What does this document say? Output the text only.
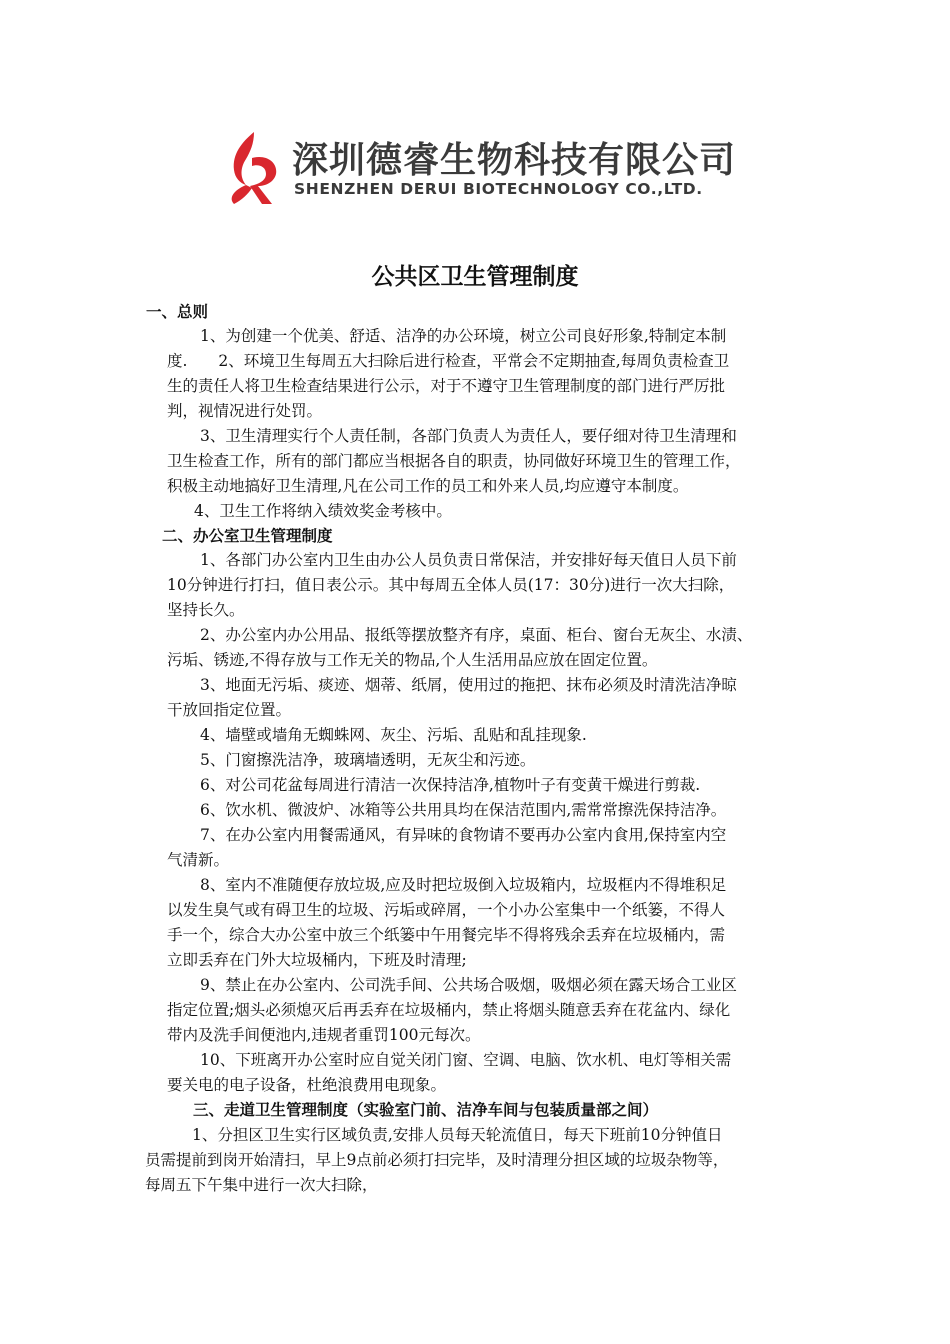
深圳德睿生物科技有限公司
SHENZHEN DERUI BIOTECHNOLOGY CO.,LTD.
公共区卫生管理制度
一、总则
1、为创建一个优美、舒适、洁净的办公环境，树立公司良好形象,特制定本制
度.　　2、环境卫生每周五大扫除后进行检查，平常会不定期抽查,每周负责检查卫
生的责任人将卫生检查结果进行公示，对于不遵守卫生管理制度的部门进行严厉批
判，视情况进行处罚。
3、卫生清理实行个人责任制，各部门负责人为责任人，要仔细对待卫生清理和
卫生检查工作，所有的部门都应当根据各自的职责，协同做好环境卫生的管理工作，
积极主动地搞好卫生清理,凡在公司工作的员工和外来人员,均应遵守本制度。
4、卫生工作将纳入绩效奖金考核中。
二、办公室卫生管理制度
1、各部门办公室内卫生由办公人员负责日常保洁，并安排好每天值日人员下前
10分钟进行打扫，值日表公示。其中每周五全体人员(17：30分)进行一次大扫除，
坚持长久。
2、办公室内办公用品、报纸等摆放整齐有序，桌面、柜台、窗台无灰尘、水渍、
污垢、锈迹,不得存放与工作无关的物品,个人生活用品应放在固定位置。
3、地面无污垢、痰迹、烟蒂、纸屑，使用过的拖把、抹布必须及时清洗洁净晾
干放回指定位置。
4、墙壁或墙角无蜘蛛网、灰尘、污垢、乱贴和乱挂现象.
5、门窗擦洗洁净，玻璃墙透明，无灰尘和污迹。
6、对公司花盆每周进行清洁一次保持洁净,植物叶子有变黄干燥进行剪裁.
6、饮水机、微波炉、冰箱等公共用具均在保洁范围内,需常常擦洗保持洁净。
7、在办公室内用餐需通风，有异味的食物请不要再办公室内食用,保持室内空
气清新。
8、室内不准随便存放垃圾,应及时把垃圾倒入垃圾箱内，垃圾框内不得堆积足
以发生臭气或有碍卫生的垃圾、污垢或碎屑，一个小办公室集中一个纸篓，不得人
手一个，综合大办公室中放三个纸篓中午用餐完毕不得将残余丢弃在垃圾桶内，需
立即丢弃在门外大垃圾桶内，下班及时清理;
9、禁止在办公室内、公司洗手间、公共场合吸烟，吸烟必须在露天场合工业区
指定位置;烟头必须熄灭后再丢弃在垃圾桶内，禁止将烟头随意丢弃在花盆内、绿化
带内及洗手间便池内,违规者重罚100元每次。
10、下班离开办公室时应自觉关闭门窗、空调、电脑、饮水机、电灯等相关需
要关电的电子设备，杜绝浪费用电现象。
三、走道卫生管理制度（实验室门前、洁净车间与包装质量部之间）
1、分担区卫生实行区域负责,安排人员每天轮流值日，每天下班前10分钟值日
员需提前到岗开始清扫，早上9点前必须打扫完毕，及时清理分担区域的垃圾杂物等，
每周五下午集中进行一次大扫除，
